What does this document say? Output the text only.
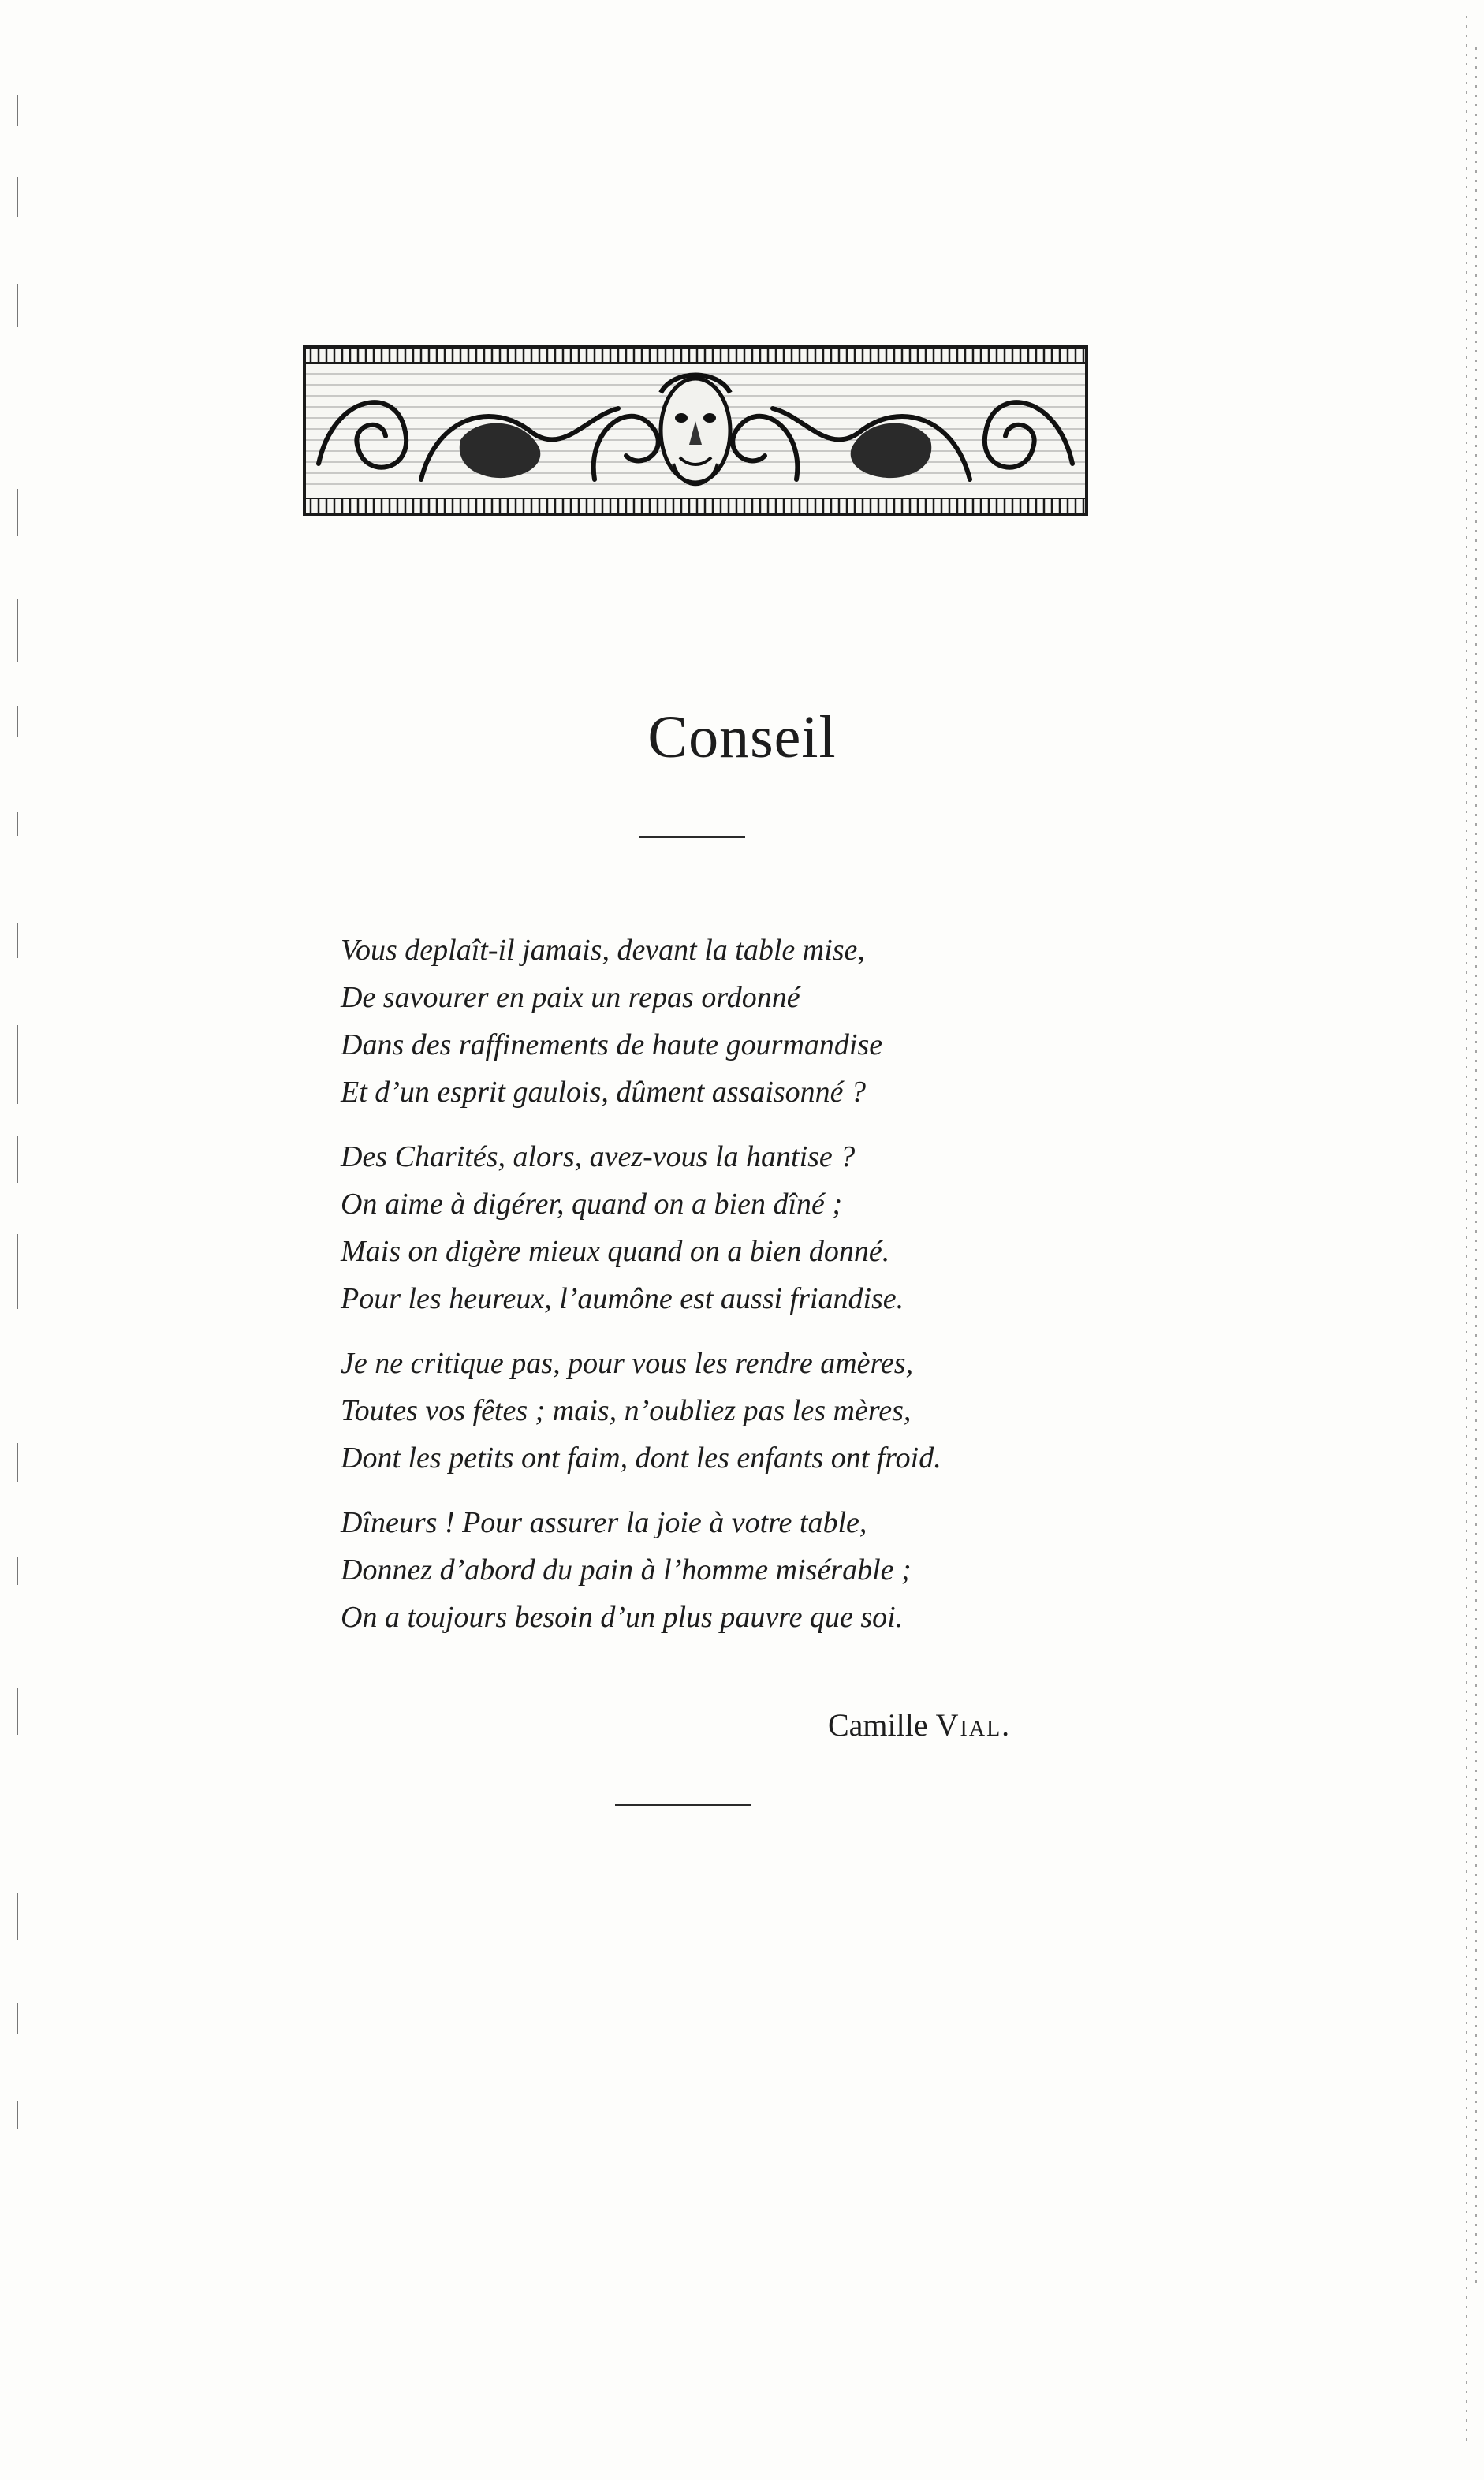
Conseil
Vous deplaît-il jamais, devant la table mise,
De savourer en paix un repas ordonné
Dans des raffinements de haute gourmandise
Et d’un esprit gaulois, dûment assaisonné ?
Des Charités, alors, avez-vous la hantise ?
On aime à digérer, quand on a bien dîné ;
Mais on digère mieux quand on a bien donné.
Pour les heureux, l’aumône est aussi friandise.
Je ne critique pas, pour vous les rendre amères,
Toutes vos fêtes ; mais, n’oubliez pas les mères,
Dont les petits ont faim, dont les enfants ont froid.
Dîneurs ! Pour assurer la joie à votre table,
Donnez d’abord du pain à l’homme misérable ;
On a toujours besoin d’un plus pauvre que soi.
Camille Vial.
